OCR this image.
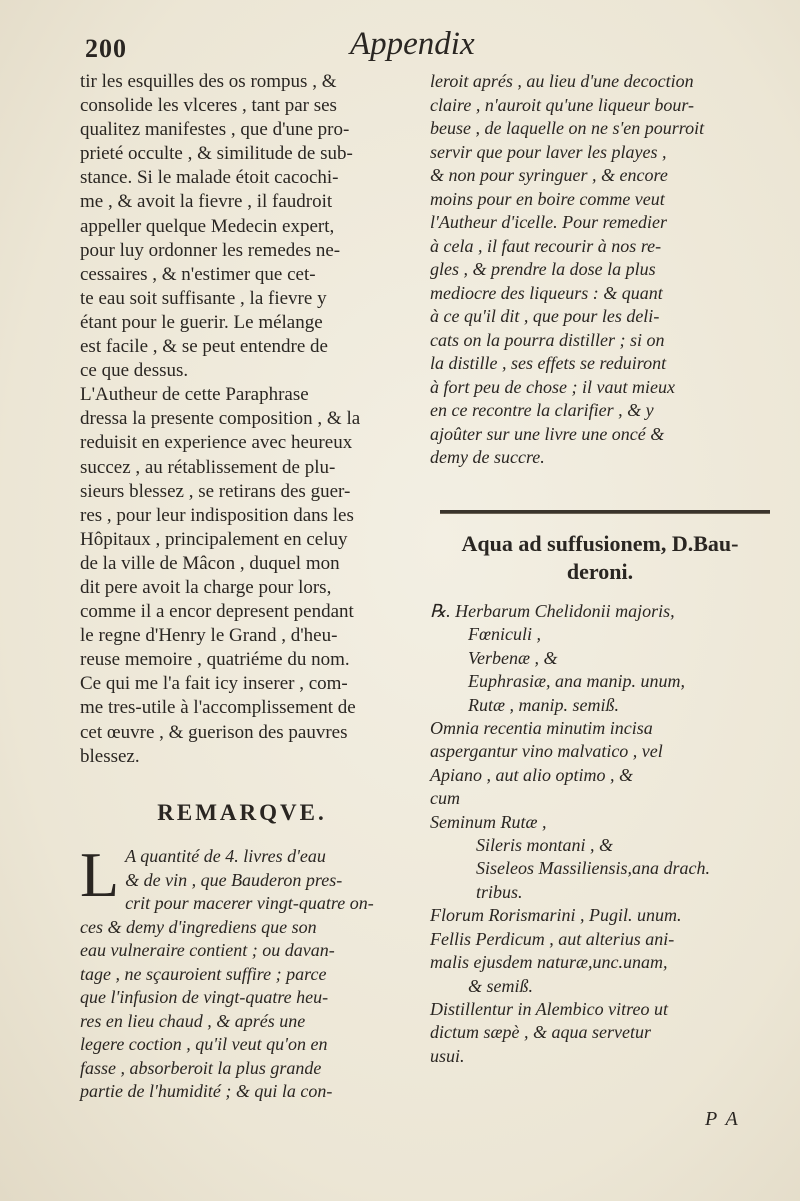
200	Appendix

tir les esquilles des os rompus , &
consolide les vlceres , tant par ses
qualitez manifestes , que d'une pro-
prieté occulte , & similitude de sub-
stance. Si le malade étoit cacochi-
me , & avoit la fievre , il faudroit
appeller quelque Medecin expert,
pour luy ordonner les remedes ne-
cessaires , & n'estimer que cet-
te eau soit suffisante , la fievre y
étant pour le guerir. Le mélange
est facile , & se peut entendre de
ce que dessus.
L'Autheur de cette Paraphrase
dressa la presente composition , & la
reduisit en experience avec heureux
succez , au rétablissement de plu-
sieurs blessez , se retirans des guer-
res , pour leur indisposition dans les
Hôpitaux , principalement en celuy
de la ville de Mâcon , duquel mon
dit pere avoit la charge pour lors,
comme il a encor depresent pendant
le regne d'Henry le Grand , d'heu-
reuse memoire , quatriéme du nom.
Ce qui me l'a fait icy inserer , com-
me tres-utile à l'accomplissement de
cet œuvre , & guerison des pauvres
blessez.

REMARQVE.
L A quantité de 4. livres d'eau
& de vin , que Bauderon pres-
crit pour macerer vingt-quatre on-
ces & demy d'ingrediens que son
eau vulneraire contient ; ou davan-
tage , ne sçauroient suffire ; parce
que l'infusion de vingt-quatre heu-
res en lieu chaud , & aprés une
legere coction , qu'il veut qu'on en
fasse , absorberoit la plus grande
partie de l'humidité ; & qui la con-

leroit aprés , au lieu d'une decoction
claire , n'auroit qu'une liqueur bour-
beuse , de laquelle on ne s'en pourroit
servir que pour laver les playes ,
& non pour syringuer , & encore
moins pour en boire comme veut
l'Autheur d'icelle. Pour remedier
à cela , il faut recourir à nos re-
gles , & prendre la dose la plus
mediocre des liqueurs : & quant
à ce qu'il dit , que pour les deli-
cats on la pourra distiller ; si on
la distille , ses effets se reduiront
à fort peu de chose ; il vaut mieux
en ce recontre la clarifier , & y
ajoûter sur une livre une oncé &
demy de succre.

Aqua ad suffusionem, D.Bau-
deroni.
℞. Herbarum Chelidonii majoris,
Fœniculi ,
Verbenæ , &
Euphrasiæ, ana manip. unum,
Rutæ , manip. semiß.
Omnia recentia minutim incisa
aspergantur vino malvatico , vel
Apiano , aut alio optimo , &
cum
Seminum Rutæ ,
Sileris montani , &
Siseleos Massiliensis,ana drach.
tribus.
Florum Rorismarini , Pugil. unum.
Fellis Perdicum , aut alterius ani-
malis ejusdem naturæ,unc.unam,
& semiß.
Distillentur in Alembico vitreo ut
dictum sæpè , & aqua servetur
usui.
P A
